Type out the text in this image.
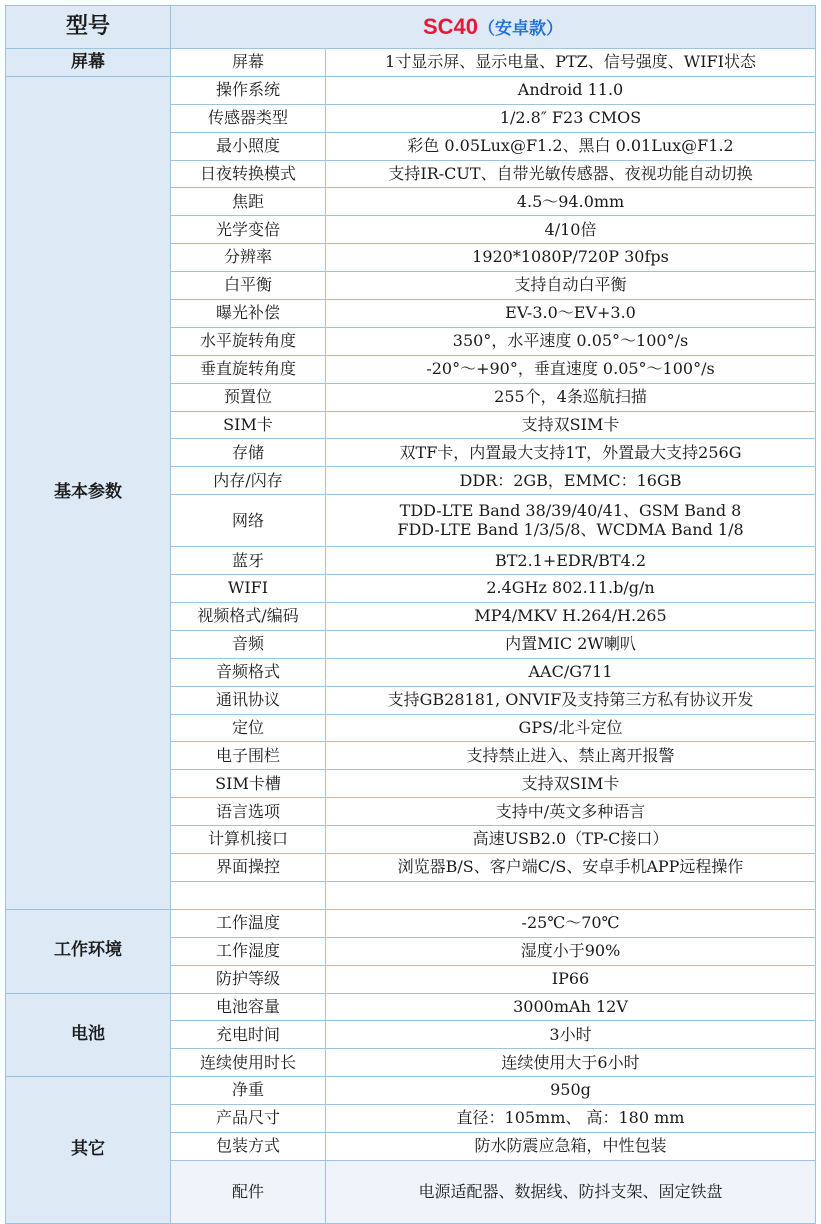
型号	SC40（安卓款）	
屏幕	屏幕	1寸显示屏、显示电量、PTZ、信号强度、WIFI状态
基本参数	操作系统	Android 11.0
	传感器类型	1/2.8″ F23 CMOS
	最小照度	彩色 0.05Lux@F1.2、黑白 0.01Lux@F1.2
	日夜转换模式	支持IR-CUT、自带光敏传感器、夜视功能自动切换
	焦距	4.5～94.0mm
	光学变倍	4/10倍
	分辨率	1920*1080P/720P 30fps
	白平衡	支持自动白平衡
	曝光补偿	EV-3.0～EV+3.0
	水平旋转角度	350°，水平速度 0.05°～100°/s
	垂直旋转角度	-20°～+90°，垂直速度 0.05°～100°/s
	预置位	255个，4条巡航扫描
	SIM卡	支持双SIM卡
	存储	双TF卡，内置最大支持1T，外置最大支持256G
	内存/闪存	DDR：2GB，EMMC：16GB
	网络	TDD-LTE Band 38/39/40/41、GSM Band 8
FDD-LTE Band 1/3/5/8、WCDMA Band 1/8

	蓝牙	BT2.1+EDR/BT4.2
	WIFI	2.4GHz 802.11.b/g/n
	视频格式/编码	MP4/MKV H.264/H.265
	音频	内置MIC 2W喇叭
	音频格式	AAC/G711
	通讯协议	支持GB28181, ONVIF及支持第三方私有协议开发
	定位	GPS/北斗定位
	电子围栏	支持禁止进入、禁止离开报警
	SIM卡槽	支持双SIM卡
	语言选项	支持中/英文多种语言
	计算机接口	高速USB2.0（TP-C接口）
	界面操控	浏览器B/S、客户端C/S、安卓手机APP远程操作

工作环境	工作温度	-25℃～70℃
	工作湿度	湿度小于90%
	防护等级	IP66
电池	电池容量	3000mAh 12V
	充电时间	3小时
	连续使用时长	连续使用大于6小时
其它	净重	950g
	产品尺寸	直径：105mm、 高：180 mm
	包装方式	防水防震应急箱，中性包装
	配件	电源适配器、数据线、防抖支架、固定铁盘
